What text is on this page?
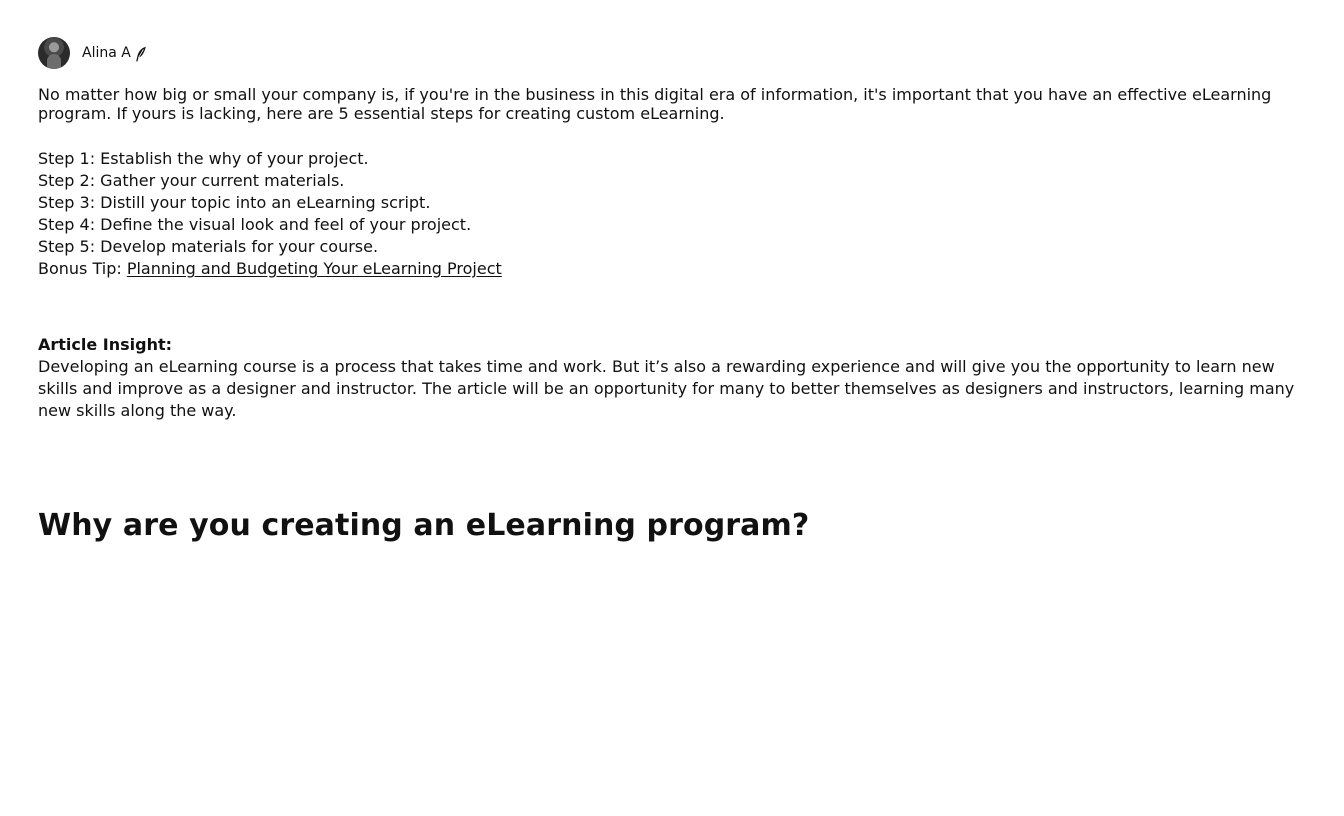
Alina A

No matter how big or small your company is, if you're in the business in this digital era of information, it's important that you have an effective eLearning program. If yours is lacking, here are 5 essential steps for creating custom eLearning.

Step 1: Establish the why of your project.
Step 2: Gather your current materials.
Step 3: Distill your topic into an eLearning script.
Step 4: Define the visual look and feel of your project.
Step 5: Develop materials for your course.
Bonus Tip: Planning and Budgeting Your eLearning Project
Article Insight:

Developing an eLearning course is a process that takes time and work. But it’s also a rewarding experience and will give you the opportunity to learn new skills and improve as a designer and instructor. The article will be an opportunity for many to better themselves as designers and instructors, learning many new skills along the way.

Why are you creating an eLearning program?
